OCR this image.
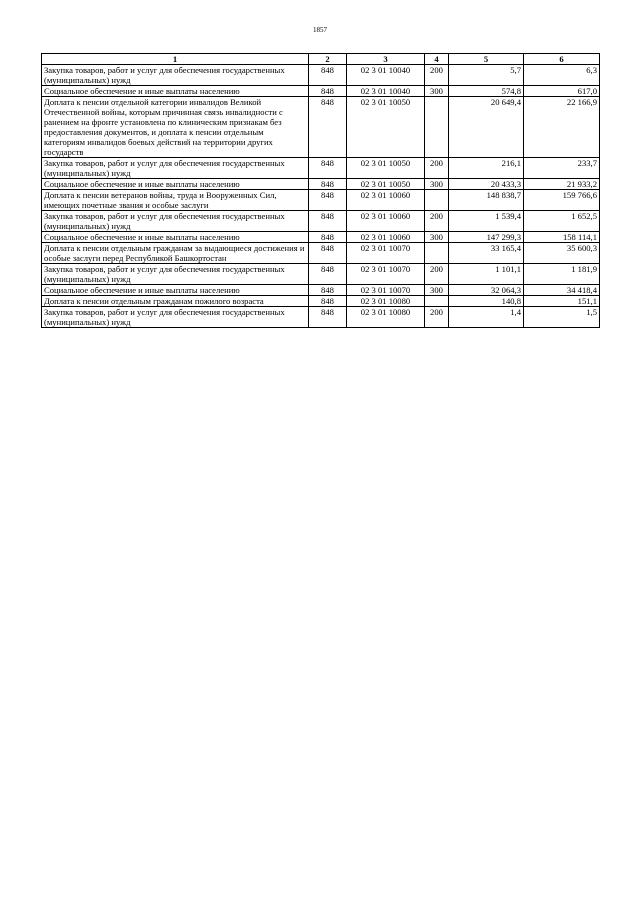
1857
1	2	3	4	5	6
Закупка товаров, работ и услуг для обеспечения государственных (муниципальных) нужд	848	02 3 01 10040	200	5,7	6,3
Социальное обеспечение и иные выплаты населению	848	02 3 01 10040	300	574,8	617,0
Доплата к пенсии отдельной категории инвалидов Великой Отечественной войны, которым причинная связь инвалидности с ранением на фронте установлена по клиническим признакам без предоставления документов, и доплата к пенсии отдельным категориям инвалидов боевых действий на территории других государств	848	02 3 01 10050		20 649,4	22 166,9
Закупка товаров, работ и услуг для обеспечения государственных (муниципальных) нужд	848	02 3 01 10050	200	216,1	233,7
Социальное обеспечение и иные выплаты населению	848	02 3 01 10050	300	20 433,3	21 933,2
Доплата к пенсии ветеранов войны, труда и Вооруженных Сил, имеющих почетные звания и особые заслуги	848	02 3 01 10060		148 838,7	159 766,6
Закупка товаров, работ и услуг для обеспечения государственных (муниципальных) нужд	848	02 3 01 10060	200	1 539,4	1 652,5
Социальное обеспечение и иные выплаты населению	848	02 3 01 10060	300	147 299,3	158 114,1
Доплата к пенсии отдельным гражданам за выдающиеся достижения и особые заслуги перед Республикой Башкортостан	848	02 3 01 10070		33 165,4	35 600,3
Закупка товаров, работ и услуг для обеспечения государственных (муниципальных) нужд	848	02 3 01 10070	200	1 101,1	1 181,9
Социальное обеспечение и иные выплаты населению	848	02 3 01 10070	300	32 064,3	34 418,4
Доплата к пенсии отдельным гражданам пожилого возраста	848	02 3 01 10080		140,8	151,1
Закупка товаров, работ и услуг для обеспечения государственных (муниципальных) нужд	848	02 3 01 10080	200	1,4	1,5
